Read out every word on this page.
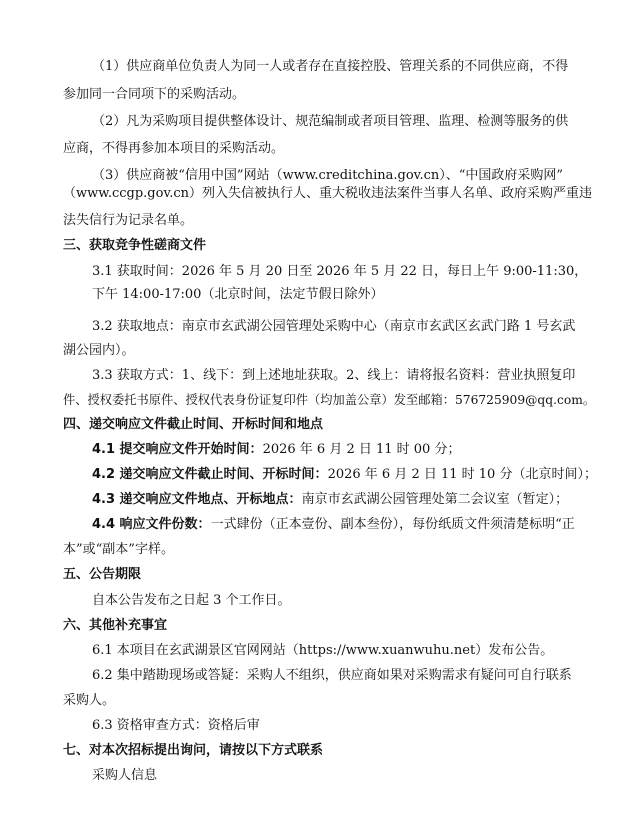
（1）供应商单位负责人为同一人或者存在直接控股、管理关系的不同供应商，不得
参加同一合同项下的采购活动。
（2）凡为采购项目提供整体设计、规范编制或者项目管理、监理、检测等服务的供
应商，不得再参加本项目的采购活动。
（3）供应商被“信用中国”网站（www.creditchina.gov.cn）、“中国政府采购网”
（www.ccgp.gov.cn）列入失信被执行人、重大税收违法案件当事人名单、政府采购严重违
法失信行为记录名单。
三、获取竞争性磋商文件
3.1 获取时间：2026 年 5 月 20 日至 2026 年 5 月 22 日，每日上午 9:00-11:30，
下午 14:00-17:00（北京时间，法定节假日除外）
3.2 获取地点：南京市玄武湖公园管理处采购中心（南京市玄武区玄武门路 1 号玄武
湖公园内）。
3.3 获取方式：1、线下：到上述地址获取。2、线上：请将报名资料：营业执照复印
件、授权委托书原件、授权代表身份证复印件（均加盖公章）发至邮箱：576725909@qq.com。
四、递交响应文件截止时间、开标时间和地点
4.1 提交响应文件开始时间：2026 年 6 月 2 日 11 时 00 分；
4.2 递交响应文件截止时间、开标时间：2026 年 6 月 2 日 11 时 10 分（北京时间）；
4.3 递交响应文件地点、开标地点：南京市玄武湖公园管理处第二会议室（暂定）；
4.4 响应文件份数：一式肆份（正本壹份、副本叁份），每份纸质文件须清楚标明“正
本”或“副本”字样。
五、公告期限
自本公告发布之日起 3 个工作日。
六、其他补充事宜
6.1 本项目在玄武湖景区官网网站（https://www.xuanwuhu.net）发布公告。
6.2 集中踏勘现场或答疑：采购人不组织，供应商如果对采购需求有疑问可自行联系
采购人。
6.3 资格审查方式：资格后审
七、对本次招标提出询问，请按以下方式联系
采购人信息
